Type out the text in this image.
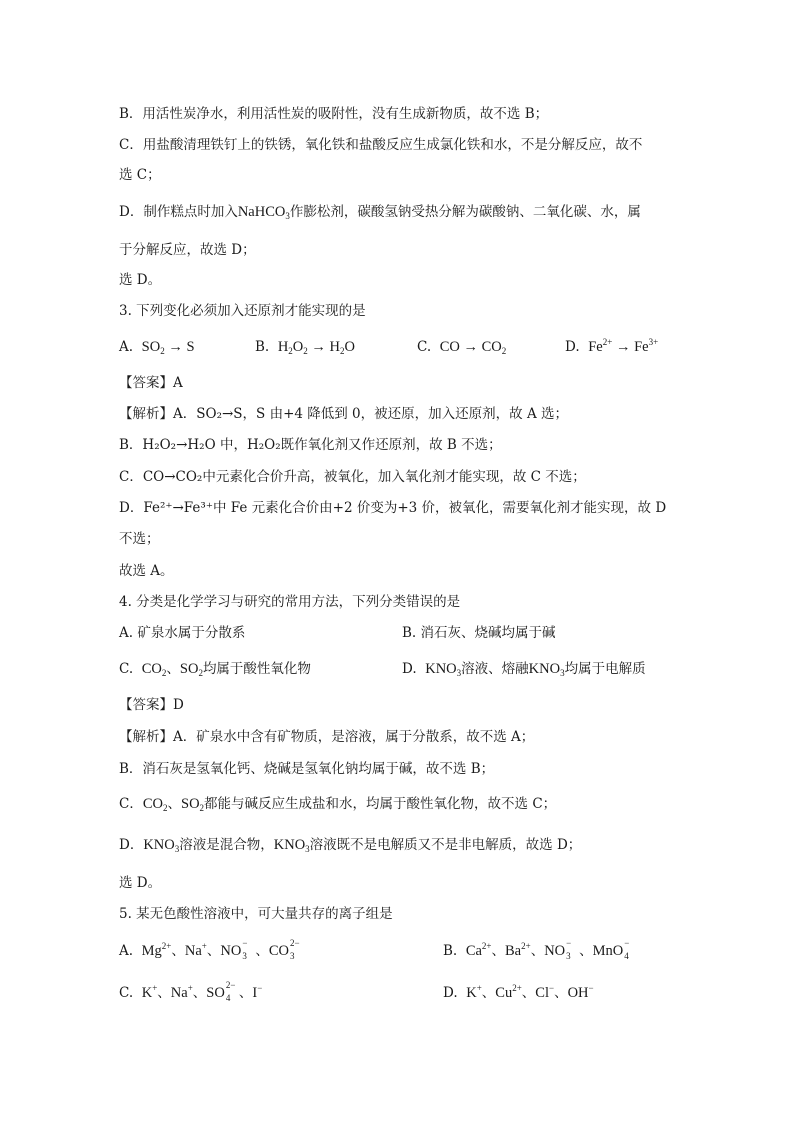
B．用活性炭净水，利用活性炭的吸附性，没有生成新物质，故不选 B；
C．用盐酸清理铁钉上的铁锈，氧化铁和盐酸反应生成氯化铁和水，不是分解反应，故不
选 C；
D．制作糕点时加入NaHCO$_3$作膨松剂，碳酸氢钠受热分解为碳酸钠、二氧化碳、水，属
于分解反应，故选 D；
选 D。
3. 下列变化必须加入还原剂才能实现的是
A. $SO_2 \to S$	B. $H_2O_2 \to H_2O$	C. CO → $CO_2$	D. $Fe^{2+} \to Fe^{3+}$
【答案】A
【解析】A．SO₂→S，S 由+4 降低到 0，被还原，加入还原剂，故 A 选；
B．H₂O₂→H₂O 中，H₂O₂既作氧化剂又作还原剂，故 B 不选；
C．CO→CO₂中元素化合价升高，被氧化，加入氧化剂才能实现，故 C 不选；
D．Fe²⁺→Fe³⁺中 Fe 元素化合价由+2 价变为+3 价，被氧化，需要氧化剂才能实现，故 D
不选；
故选 A。
4. 分类是化学学习与研究的常用方法，下列分类错误的是
A. 矿泉水属于分散系	B. 消石灰、烧碱均属于碱
C. $CO_2$、$SO_2$均属于酸性氧化物	D. $KNO_3$溶液、熔融$KNO_3$均属于电解质
【答案】D
【解析】A．矿泉水中含有矿物质，是溶液，属于分散系，故不选 A；
B．消石灰是氢氧化钙、烧碱是氢氧化钠均属于碱，故不选 B；
C．$CO_2$、$SO_2$都能与碱反应生成盐和水，均属于酸性氧化物，故不选 C；
D．$KNO_3$溶液是混合物，$KNO_3$溶液既不是电解质又不是非电解质，故选 D；
选 D。
5. 某无色酸性溶液中，可大量共存的离子组是
A. $Mg^{2+}$、Na+、NO −
3 、CO 2−
3	B. $Ca^{2+}$、$Ba^{2+}$、NO −
3 、MnO −
4
C. K+、Na+、SO 2−
4 、I−	D. K+、$Cu^{2+}$、Cl−、OH−
